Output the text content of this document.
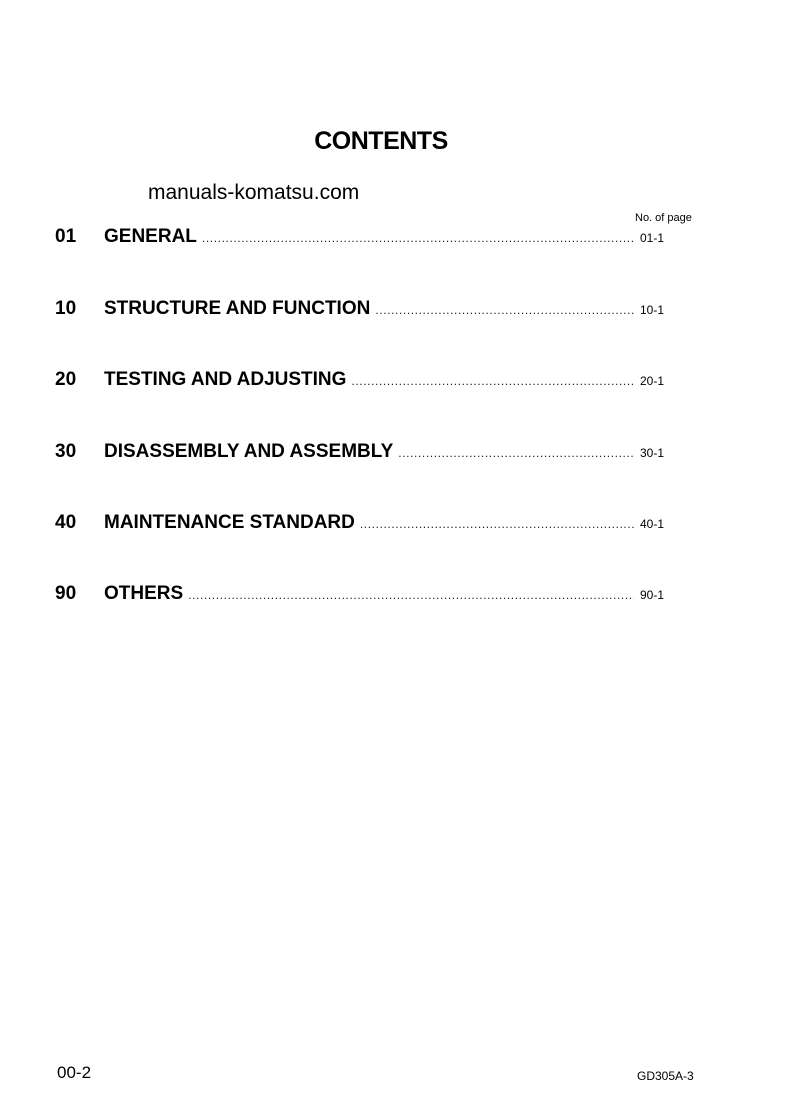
CONTENTS
manuals-komatsu.com
No. of page
01	GENERAL .....	01-1
10	STRUCTURE AND FUNCTION .....	10-1
20	TESTING AND ADJUSTING .....	20-1
30	DISASSEMBLY AND ASSEMBLY .....	30-1
40	MAINTENANCE STANDARD .....	40-1
90	OTHERS .....	90-1
00-2	GD305A-3
